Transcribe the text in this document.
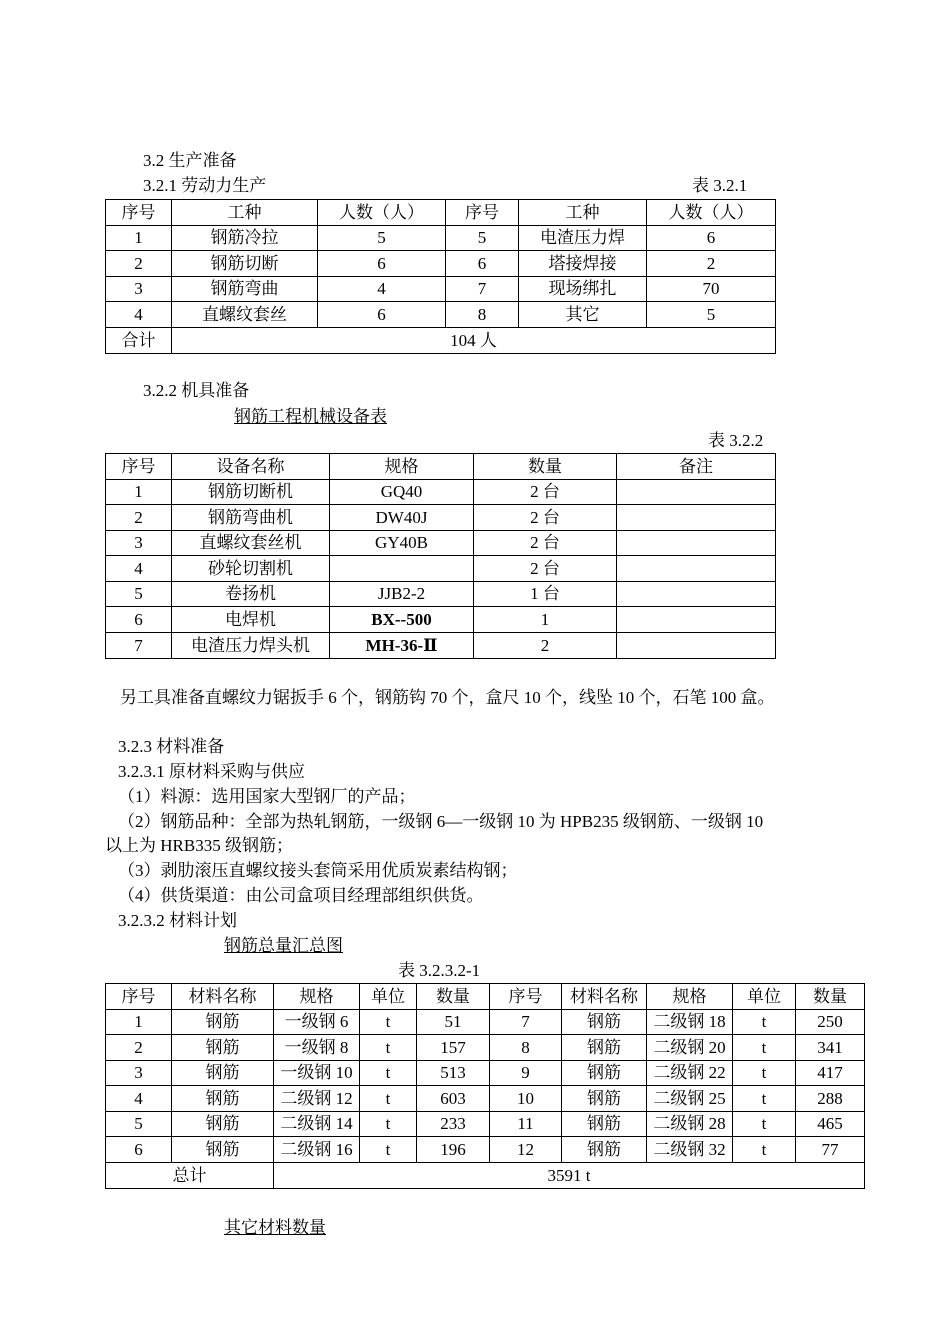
3.2 生产准备
3.2.1 劳动力生产	表 3.2.1
序号	工种	人数（人）	序号	工种	人数（人）
1	钢筋冷拉	5	5	电渣压力焊	6
2	钢筋切断	6	6	塔接焊接	2
3	钢筋弯曲	4	7	现场绑扎	70
4	直螺纹套丝	6	8	其它	5
合计	104 人				
3.2.2 机具准备
钢筋工程机械设备表
表 3.2.2
序号	设备名称	规格	数量	备注
1	钢筋切断机	GQ40	2 台	
2	钢筋弯曲机	DW40J	2 台	
3	直螺纹套丝机	GY40B	2 台	
4	砂轮切割机		2 台	
5	卷扬机	JJB2-2	1 台	
6	电焊机	BX--500	1	
7	电渣压力焊头机	MH-36-Ⅱ	2	
另工具准备直螺纹力锯扳手 6 个，钢筋钩 70 个，盒尺 10 个，线坠 10 个，石笔 100 盒。
3.2.3 材料准备
3.2.3.1 原材料采购与供应
（1）料源：选用国家大型钢厂的产品；
（2）钢筋品种：全部为热轧钢筋，一级钢 6—一级钢 10 为 HPB235 级钢筋、一级钢 10 以上为 HRB335 级钢筋；
（3）剥肋滚压直螺纹接头套筒采用优质炭素结构钢；
（4）供货渠道：由公司盒项目经理部组织供货。
3.2.3.2 材料计划
钢筋总量汇总图
表 3.2.3.2-1
序号	材料名称	规格	单位	数量	序号	材料名称	规格	单位	数量
1	钢筋	一级钢 6	t	51	7	钢筋	二级钢 18	t	250
2	钢筋	一级钢 8	t	157	8	钢筋	二级钢 20	t	341
3	钢筋	一级钢 10	t	513	9	钢筋	二级钢 22	t	417
4	钢筋	二级钢 12	t	603	10	钢筋	二级钢 25	t	288
5	钢筋	二级钢 14	t	233	11	钢筋	二级钢 28	t	465
6	钢筋	二级钢 16	t	196	12	钢筋	二级钢 32	t	77
总计		3591 t							
其它材料数量
